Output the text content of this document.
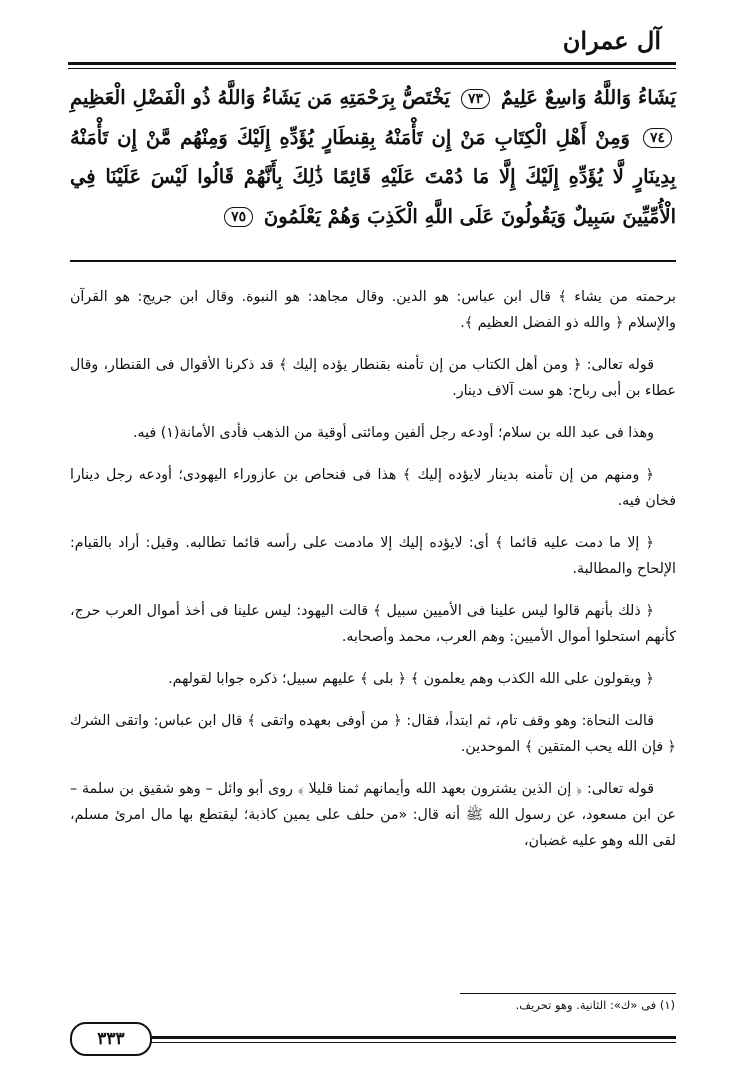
آل عمران
يَشَاءُ وَاللَّهُ وَاسِعٌ عَلِيمٌ ٧٣ يَخْتَصُّ بِرَحْمَتِهِ مَن يَشَاءُ وَاللَّهُ ذُو الْفَضْلِ الْعَظِيمِ ٧٤ وَمِنْ أَهْلِ الْكِتَابِ مَنْ إِن تَأْمَنْهُ بِقِنطَارٍ يُؤَدِّهِ إِلَيْكَ وَمِنْهُم مَّنْ إِن تَأْمَنْهُ بِدِينَارٍ لَّا يُؤَدِّهِ إِلَيْكَ إِلَّا مَا دُمْتَ عَلَيْهِ قَائِمًا ذَٰلِكَ بِأَنَّهُمْ قَالُوا لَيْسَ عَلَيْنَا فِي الْأُمِّيِّينَ سَبِيلٌ وَيَقُولُونَ عَلَى اللَّهِ الْكَذِبَ وَهُمْ يَعْلَمُونَ ٧٥

برحمته من يشاء ﴾ قال ابن عباس: هو الدين. وقال مجاهد: هو النبوة. وقال ابن جريج: هو القرآن والإسلام ﴿ والله ذو الفضل العظيم ﴾.

قوله تعالى: ﴿ ومن أهل الكتاب من إن تأمنه بقنطار يؤده إليك ﴾ قد ذكرنا الأقوال فى القنطار، وقال عطاء بن أبى رباح: هو ست آلاف دينار.

وهذا فى عبد الله بن سلام؛ أودعه رجل ألفين ومائتى أوقية من الذهب فأدى الأمانة(١) فيه.

﴿ ومنهم من إن تأمنه بدينار لايؤده إليك ﴾ هذا فى فنحاص بن عازوراء اليهودى؛ أودعه رجل دينارا فخان فيه.

﴿ إلا ما دمت عليه قائما ﴾ أى: لايؤده إليك إلا مادمت على رأسه قائما تطالبه. وقيل: أراد بالقيام: الإلحاح والمطالبة.

﴿ ذلك بأنهم قالوا ليس علينا فى الأميين سبيل ﴾ قالت اليهود: ليس علينا فى أخذ أموال العرب حرج، كأنهم استحلوا أموال الأميين: وهم العرب، محمد وأصحابه.

﴿ ويقولون على الله الكذب وهم يعلمون ﴾ ﴿ بلى ﴾ عليهم سبيل؛ ذكره جوابا لقولهم.

قالت النحاة: وهو وقف تام، ثم ابتدأ، فقال: ﴿ من أوفى بعهده واتقى ﴾ قال ابن عباس: واتقى الشرك ﴿ فإن الله يحب المتقين ﴾ الموحدين.

قوله تعالى: ﴿ إن الذين يشترون بعهد الله وأيمانهم ثمنا قليلا ﴾ روى أبو وائل – وهو شقيق بن سلمة – عن ابن مسعود، عن رسول الله ﷺ أنه قال: «من حلف على يمين كاذبة؛ ليقتطع بها مال امرئ مسلم، لقى الله وهو عليه غضبان،

(١) فى «ك»: الثانية. وهو تحريف.
٣٣٣
